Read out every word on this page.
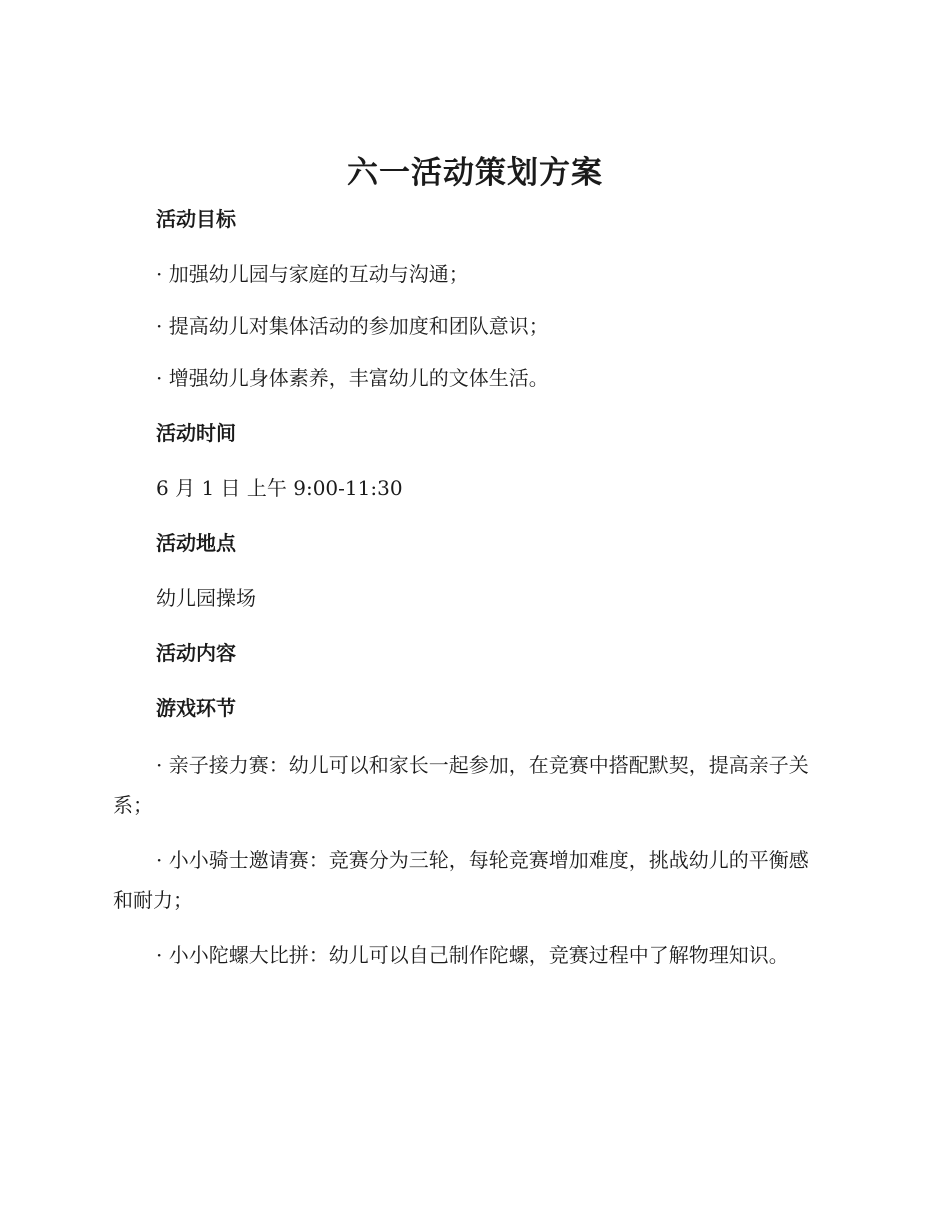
六一活动策划方案
活动目标
· 加强幼儿园与家庭的互动与沟通；
· 提高幼儿对集体活动的参加度和团队意识；
· 增强幼儿身体素养，丰富幼儿的文体生活。
活动时间
6 月 1 日 上午 9:00-11:30
活动地点
幼儿园操场
活动内容
游戏环节
· 亲子接力赛：幼儿可以和家长一起参加，在竞赛中搭配默契，提高亲子关系；
· 小小骑士邀请赛：竞赛分为三轮，每轮竞赛增加难度，挑战幼儿的平衡感和耐力；
· 小小陀螺大比拼：幼儿可以自己制作陀螺，竞赛过程中了解物理知识。
